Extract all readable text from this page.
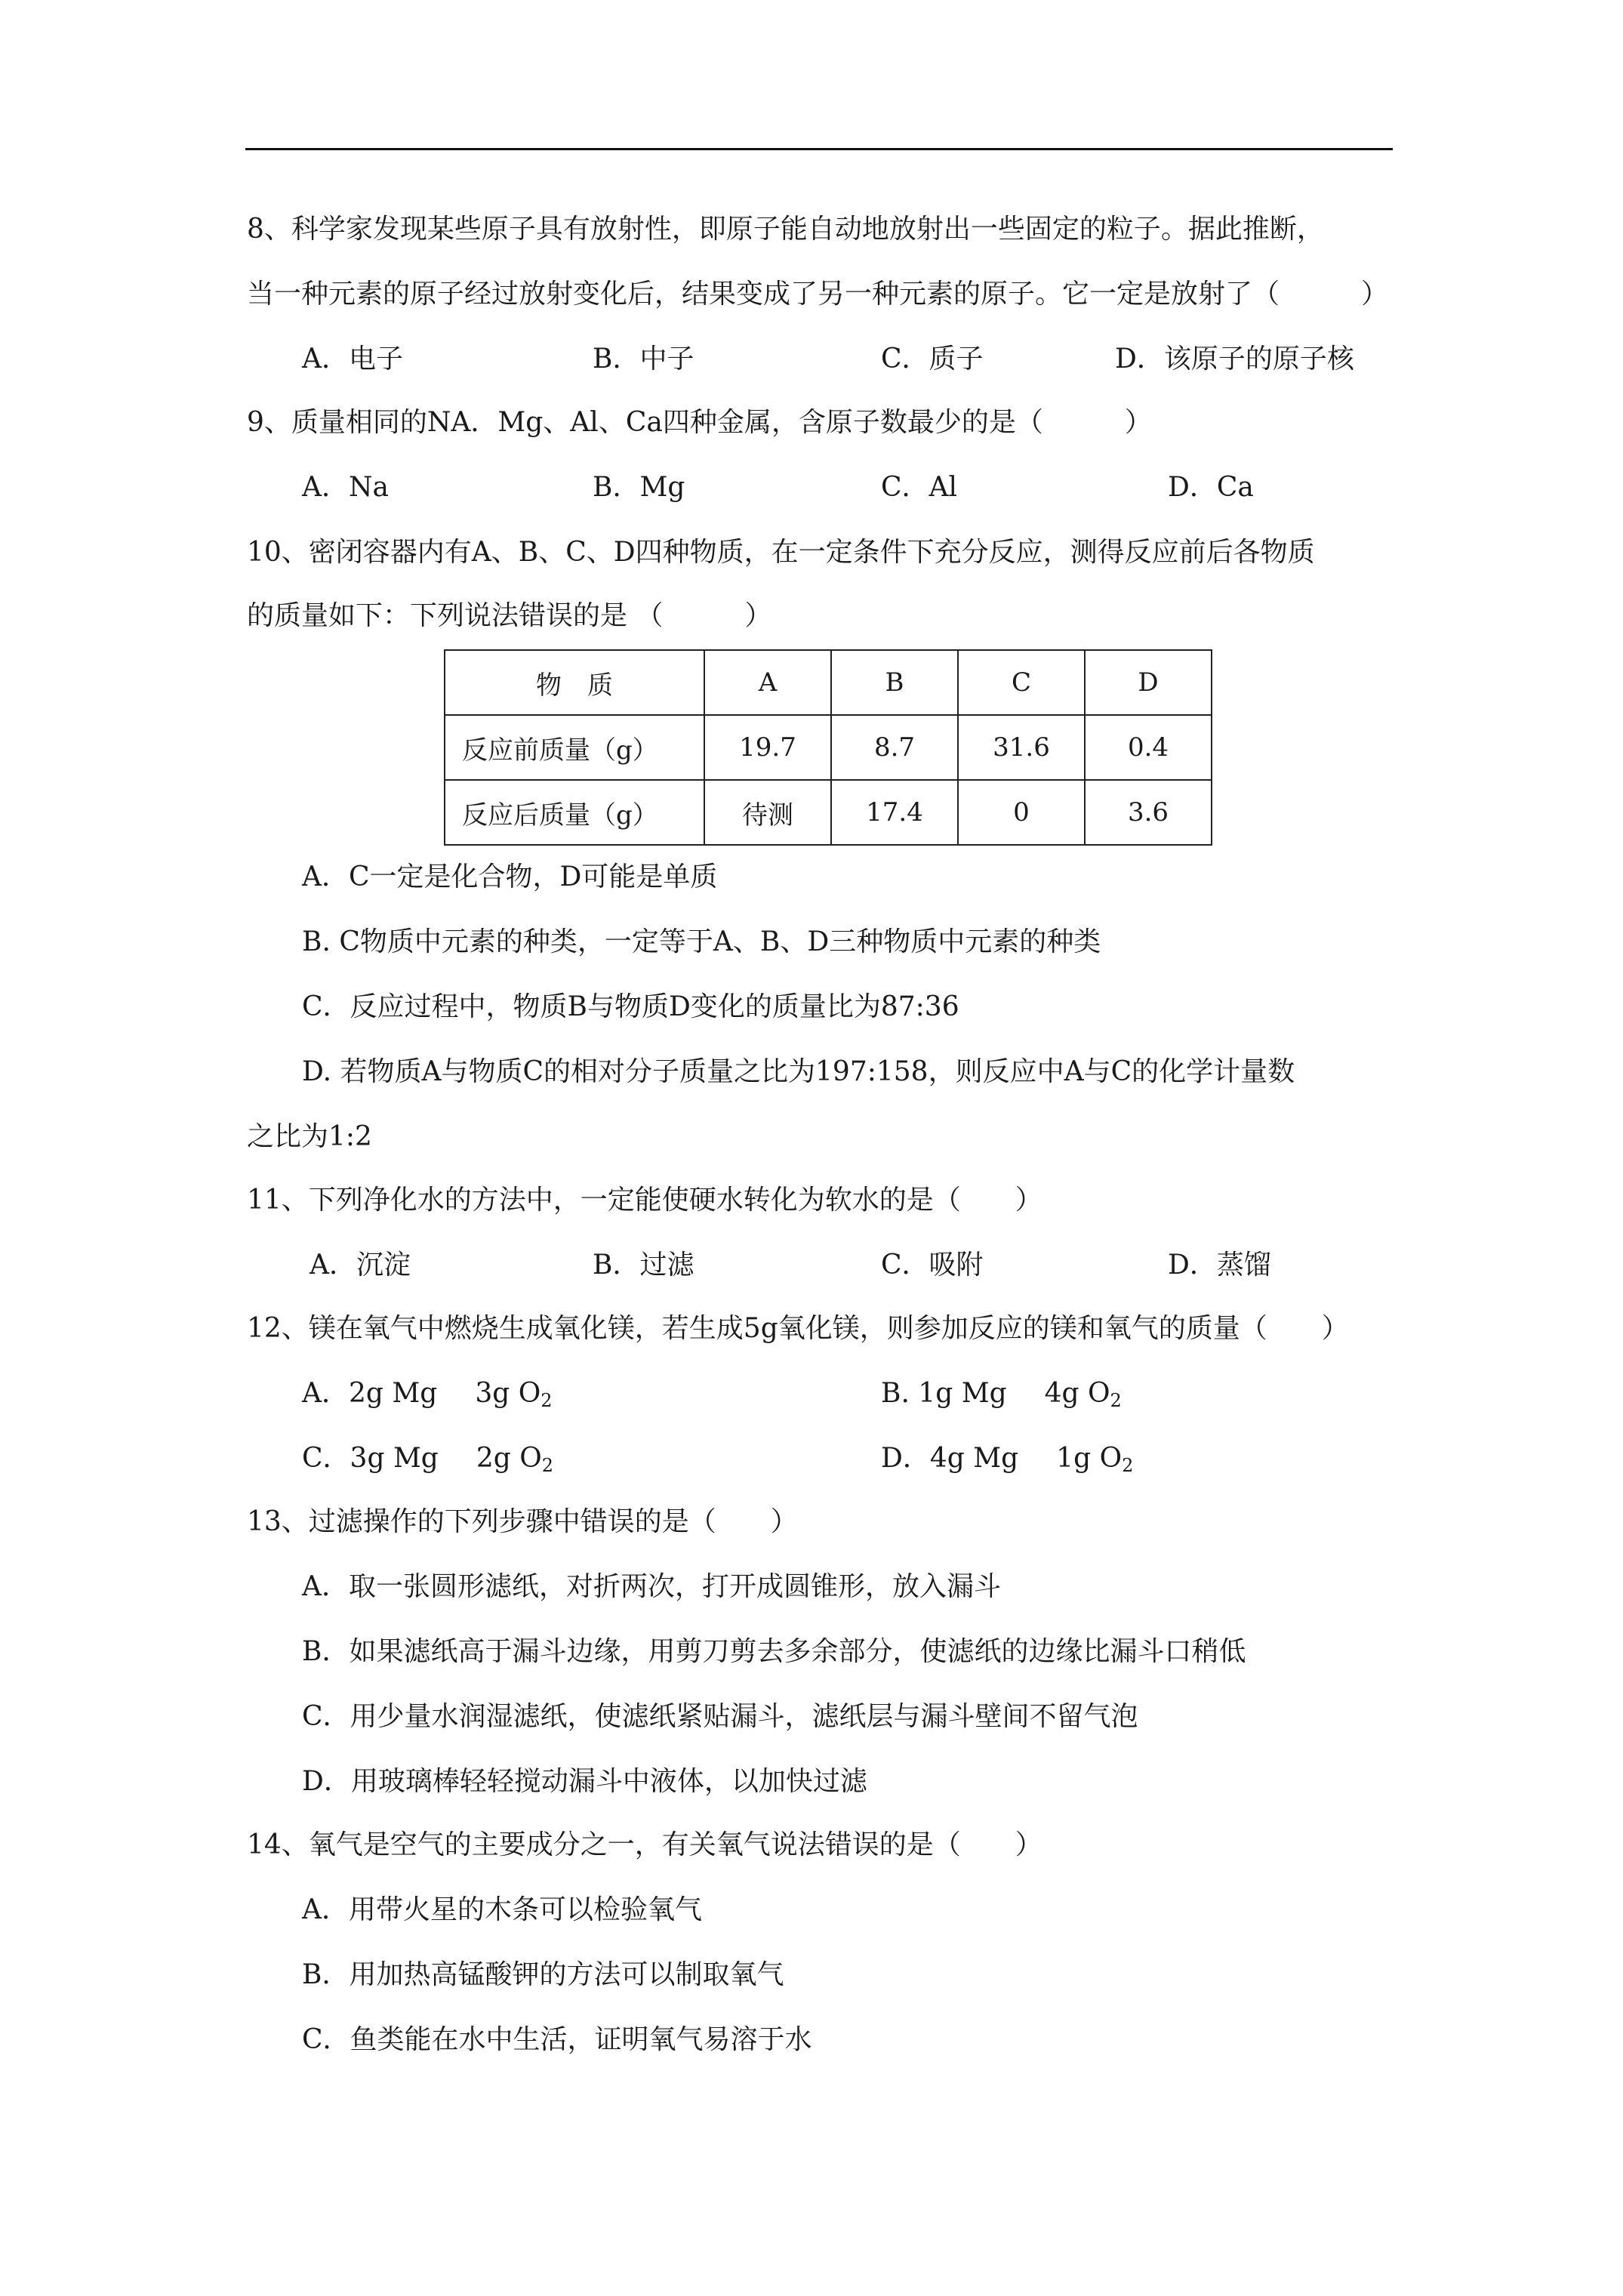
8、科学家发现某些原子具有放射性，即原子能自动地放射出一些固定的粒子。据此推断，
当一种元素的原子经过放射变化后，结果变成了另一种元素的原子。它一定是放射了（　　　）
A．电子	B．中子	C．质子	D．该原子的原子核
9、质量相同的NA．Mg、Al、Ca四种金属，含原子数最少的是（　　　）
A．Na	B．Mg	C．Al	D．Ca
10、密闭容器内有A、B、C、D四种物质，在一定条件下充分反应，测得反应前后各物质
的质量如下：下列说法错误的是 （　　　）
物　质	A	B	C	D
反应前质量（g）	19.7	8.7	31.6	0.4
反应后质量（g）	待测	17.4	0	3.6
A．C一定是化合物，D可能是单质
B. C物质中元素的种类，一定等于A、B、D三种物质中元素的种类
C．反应过程中，物质B与物质D变化的质量比为87:36
D. 若物质A与物质C的相对分子质量之比为197:158，则反应中A与C的化学计量数
之比为1:2
11、下列净化水的方法中，一定能使硬水转化为软水的是（　　）
A．沉淀	B．过滤	C．吸附	D．蒸馏
12、镁在氧气中燃烧生成氧化镁，若生成5g氧化镁，则参加反应的镁和氧气的质量（　　）
A．2g Mg 3g $O_2$	B. 1g Mg 4g $O_2$
C．3g Mg 2g $O_2$	D．4g Mg 1g $O_2$
13、过滤操作的下列步骤中错误的是（　　）
A．取一张圆形滤纸，对折两次，打开成圆锥形，放入漏斗
B．如果滤纸高于漏斗边缘，用剪刀剪去多余部分，使滤纸的边缘比漏斗口稍低
C．用少量水润湿滤纸，使滤纸紧贴漏斗，滤纸层与漏斗壁间不留气泡
D．用玻璃棒轻轻搅动漏斗中液体，以加快过滤
14、氧气是空气的主要成分之一，有关氧气说法错误的是（　　）
A．用带火星的木条可以检验氧气
B．用加热高锰酸钾的方法可以制取氧气
C．鱼类能在水中生活，证明氧气易溶于水
